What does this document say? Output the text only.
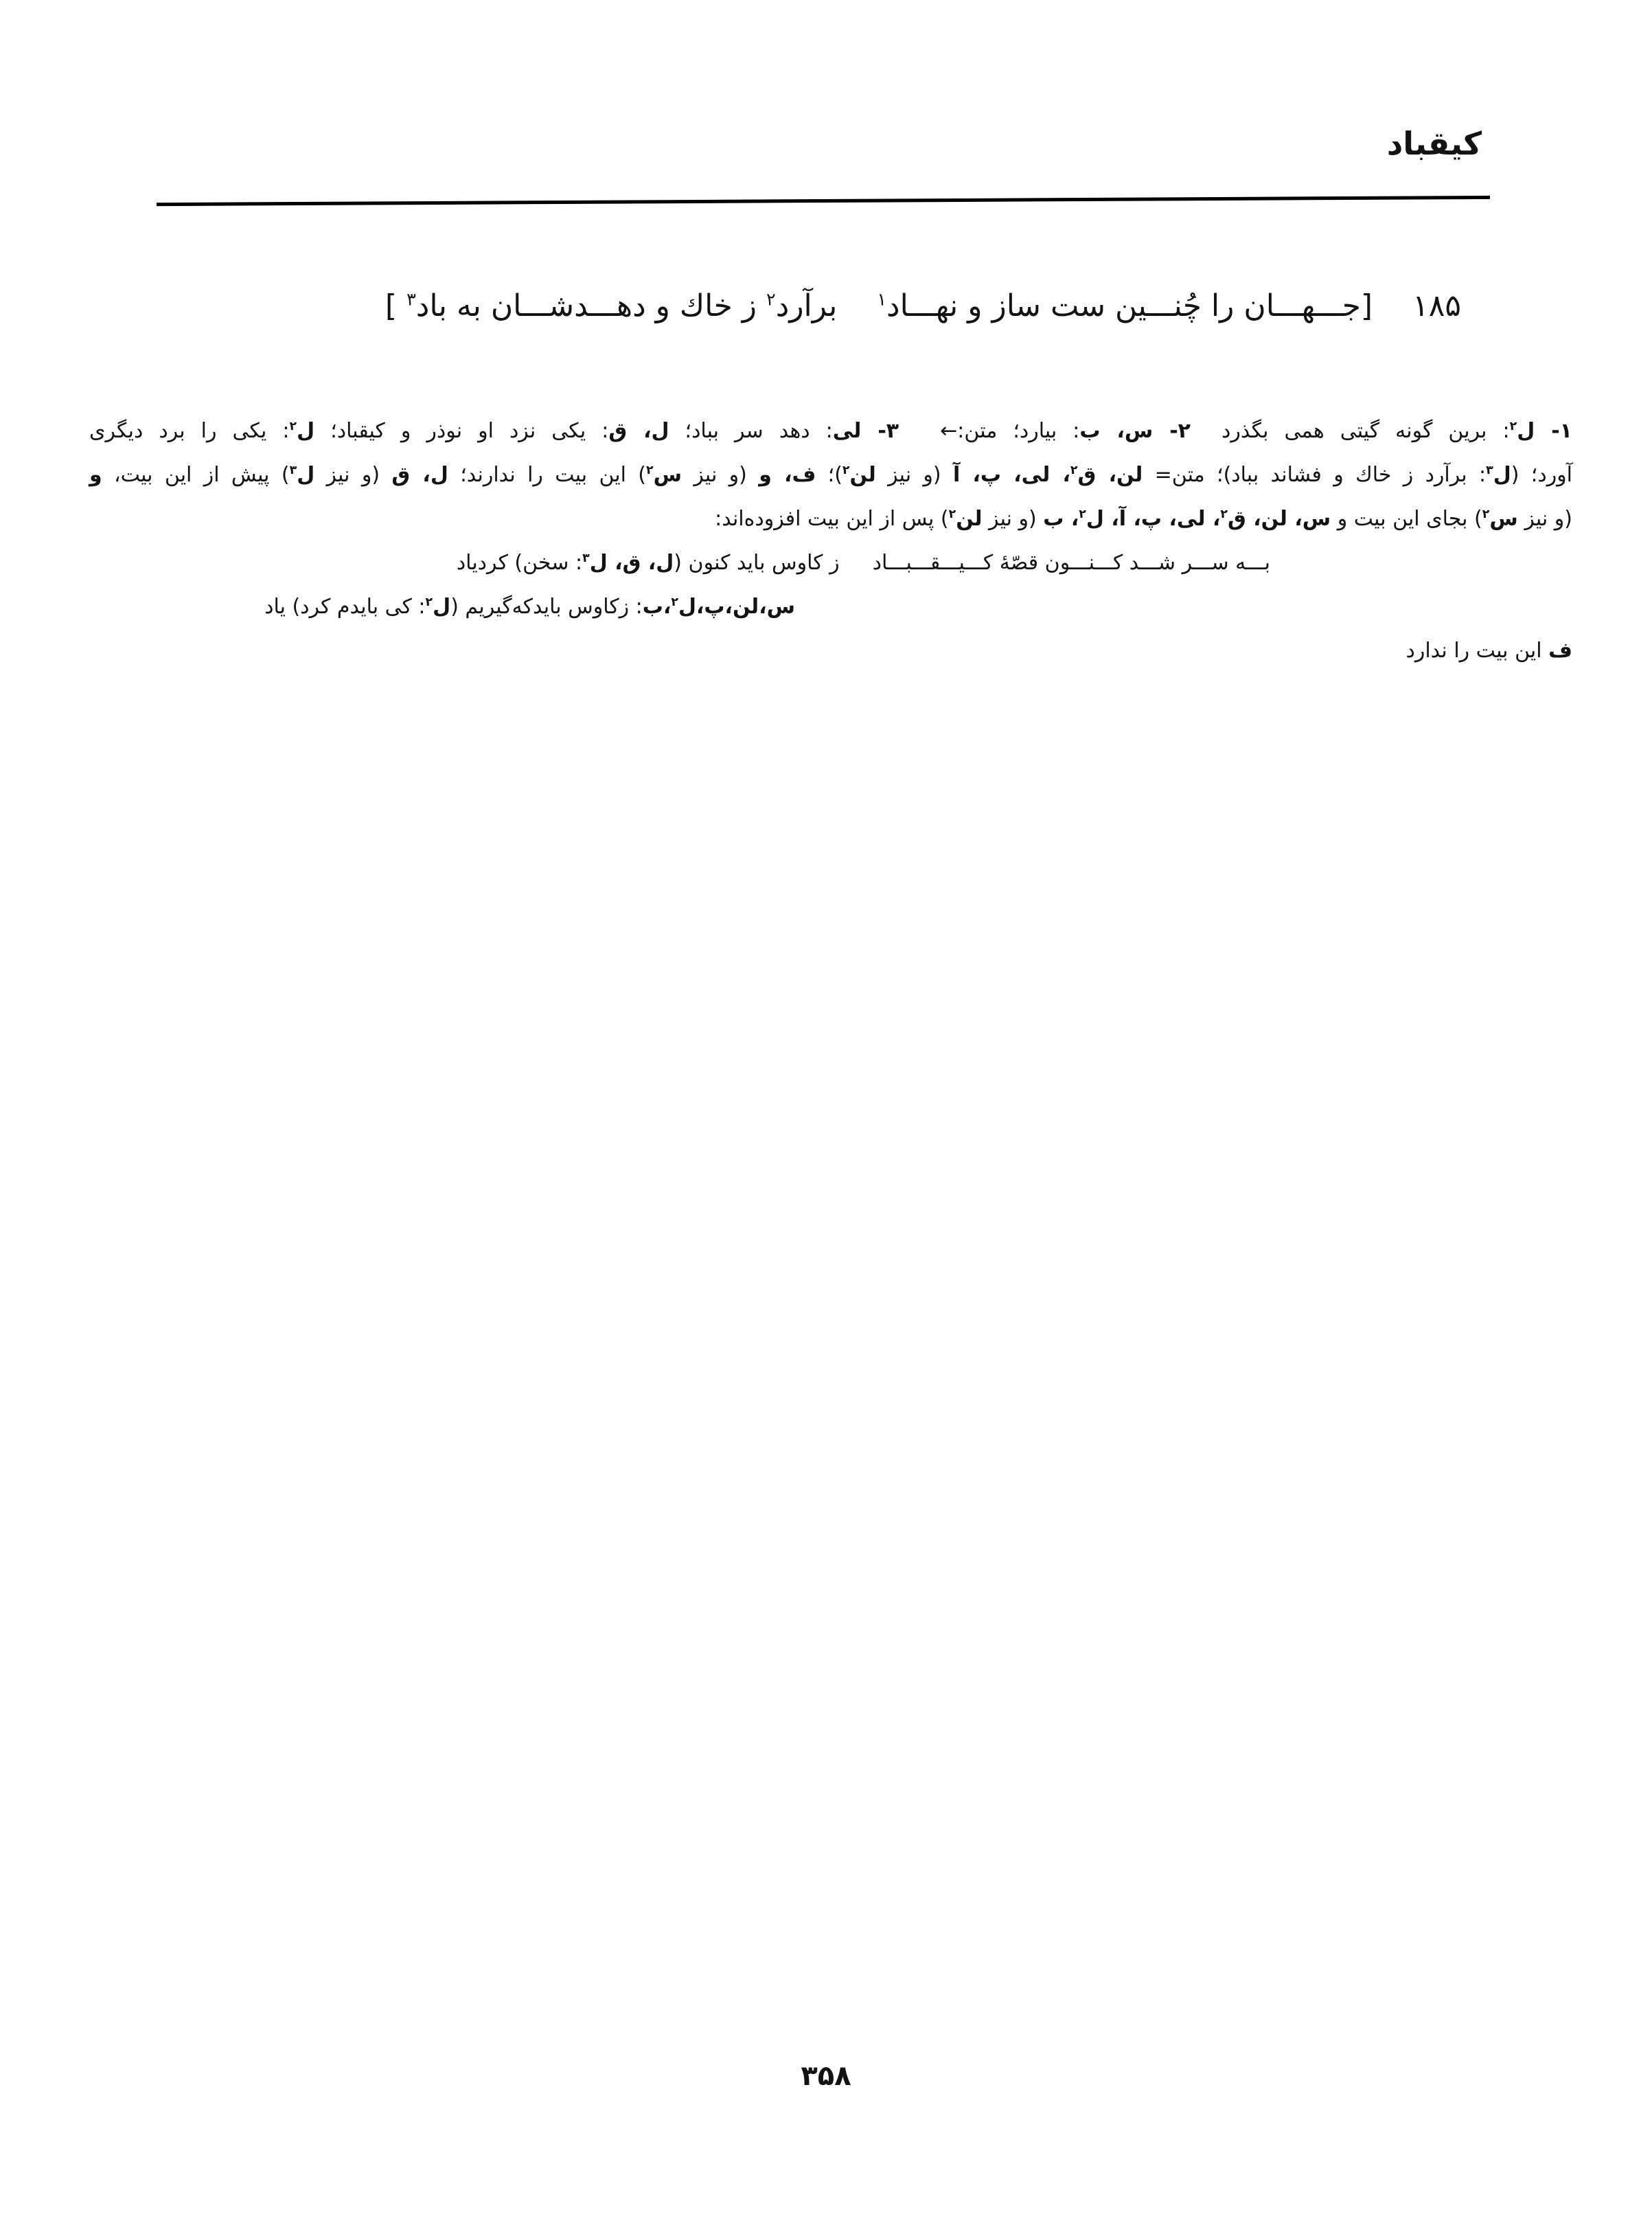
كيقباد
۱۸۵
[جـــهـــان را چُنـــين ست ساز و نهـــاد$^۱$
برآرد$^۲$ ز خاك و دهـــدشـــان به باد$^۳$ ]
۱- ل$^۲$: برين گونه گيتى همى بگذرد  ۲- س، ب: بيارد؛ متن:←  ۳- لى: دهد سر بباد؛ ل، ق: يكى نزد او نوذر و كيقباد؛ ل$^۲$: يكى را برد ديگرى
آورد؛ (ل$^۳$: برآرد ز خاك و فشاند بباد)؛ متن= لن، ق$^۲$، لى، پ، آ (و نيز لن$^۲$)؛ ف، و (و نيز س$^۲$) اين بيت را ندارند؛ ل، ق (و نيز ل$^۳$) پيش از اين بيت، و
(و نيز س$^۲$) بجاى اين بيت و س، لن، ق$^۲$، لى، پ، آ، ل$^۲$، ب (و نيز لن$^۲$) پس از اين بيت افزوده‌اند:
بـــه ســـر شـــد كـــنـــون قصّۀ كـــيـــقـــبـــاد
ز كاوس بايد كنون (ل، ق، ل$^۳$: سخن) كردياد
س،لن،پ،ل$^۲$،ب: زكاوس بايدكه‌گيريم (ل$^۲$: كى بايدم كرد) ياد
ف اين بيت را ندارد
۳۵۸
